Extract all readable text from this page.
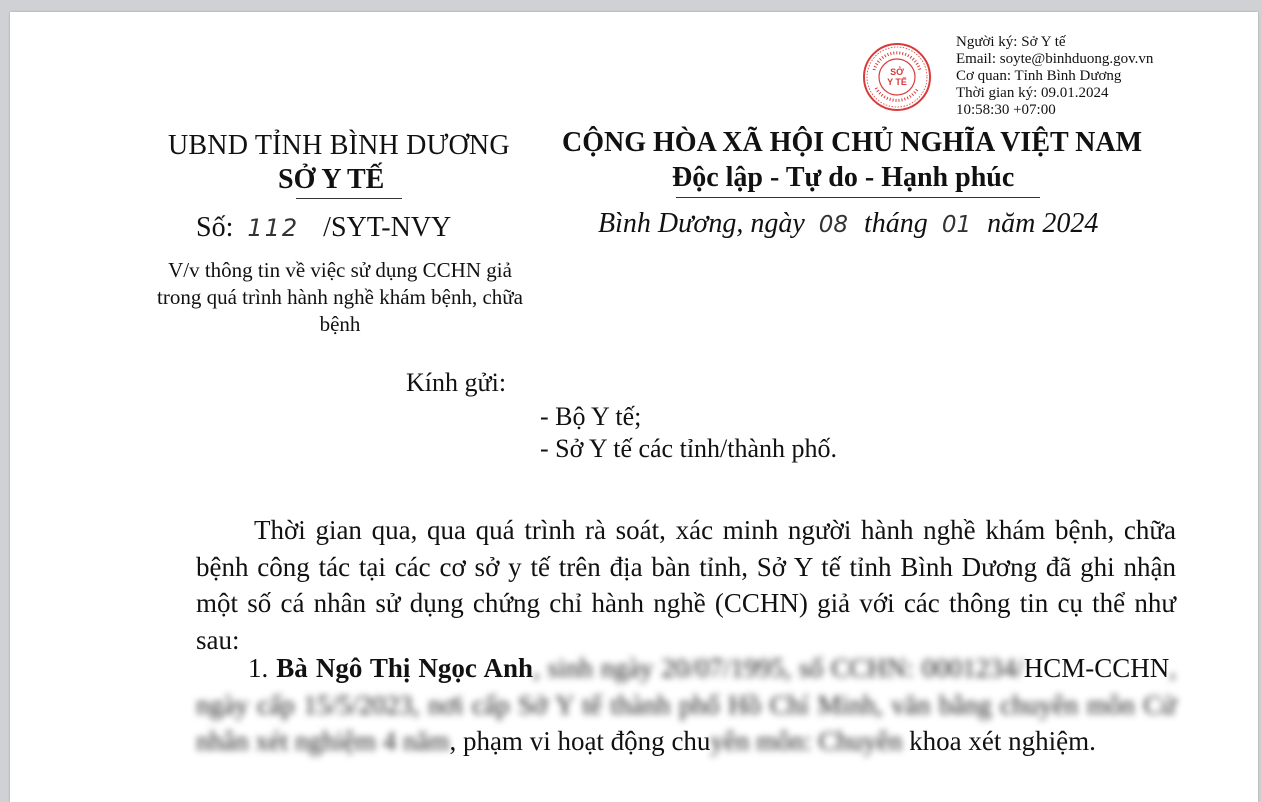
SỞ
Y TẾ
Người ký: Sở Y tế
Email: soyte@binhduong.gov.vn
Cơ quan: Tỉnh Bình Dương
Thời gian ký: 09.01.2024
10:58:30 +07:00
UBND TỈNH BÌNH DƯƠNG
SỞ Y TẾ
Số: 112 /SYT-NVY
V/v thông tin về việc sử dụng CCHN giả trong quá trình hành nghề khám bệnh, chữa bệnh
CỘNG HÒA XÃ HỘI CHỦ NGHĨA VIỆT NAM
Độc lập - Tự do - Hạnh phúc
Bình Dương, ngày 08 tháng 01 năm 2024
Kính gửi:
- Bộ Y tế;
- Sở Y tế các tỉnh/thành phố.
Thời gian qua, qua quá trình rà soát, xác minh người hành nghề khám bệnh, chữa bệnh công tác tại các cơ sở y tế trên địa bàn tỉnh, Sở Y tế tỉnh Bình Dương đã ghi nhận một số cá nhân sử dụng chứng chỉ hành nghề (CCHN) giả với các thông tin cụ thể như sau:
1. Bà Ngô Thị Ngọc Anh, sinh ngày 20/07/1995, số CCHN: 0001234/HCM-CCHN, ngày cấp 15/5/2023, nơi cấp Sở Y tế thành phố Hồ Chí Minh, văn bằng chuyên môn Cử nhân xét nghiệm 4 năm, phạm vi hoạt động chuyên môn: Chuyên khoa xét nghiệm.
